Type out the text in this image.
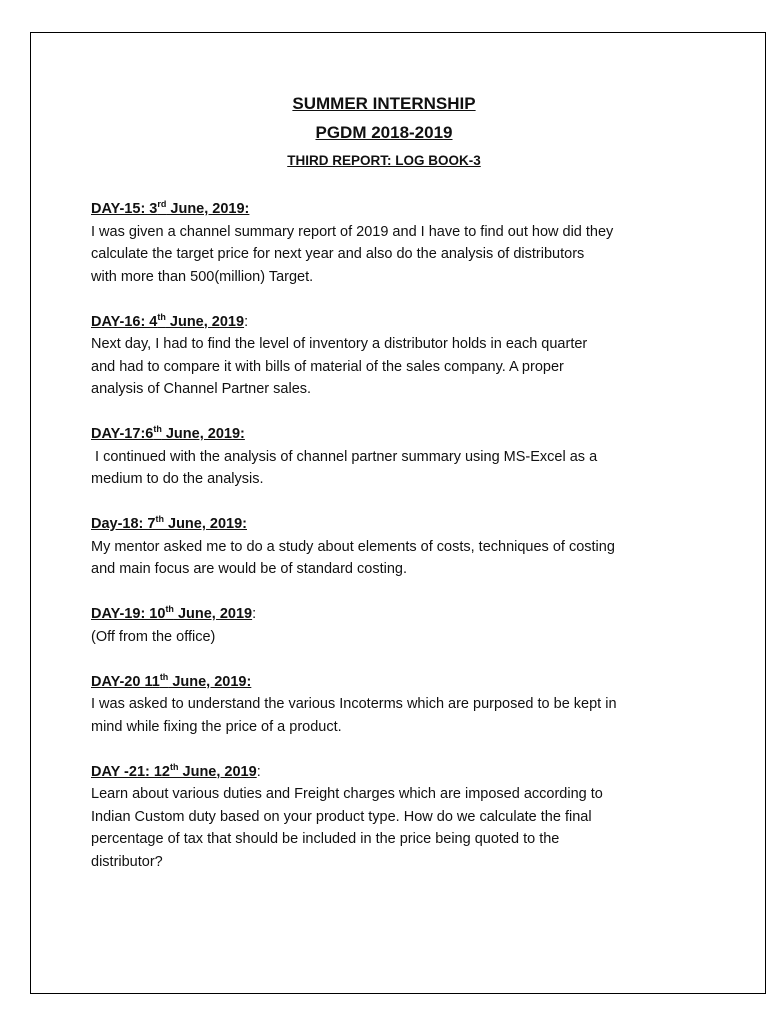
SUMMER INTERNSHIP
PGDM 2018-2019
THIRD REPORT: LOG BOOK-3
DAY-15: 3rd June, 2019:
I was given a channel summary report of 2019 and I have to find out how did they
calculate the target price for next year and also do the analysis of distributors
with more than 500(million) Target.
DAY-16: 4th June, 2019:
Next day, I had to find the level of inventory a distributor holds in each quarter
and had to compare it with bills of material of the sales company. A proper
analysis of Channel Partner sales.
DAY-17:6th June, 2019:
I continued with the analysis of channel partner summary using MS-Excel as a
medium to do the analysis.
Day-18: 7th June, 2019:
My mentor asked me to do a study about elements of costs, techniques of costing
and main focus are would be of standard costing.
DAY-19: 10th June, 2019:
(Off from the office)
DAY-20 11th June, 2019:
I was asked to understand the various Incoterms which are purposed to be kept in
mind while fixing the price of a product.
DAY -21: 12th June, 2019:
Learn about various duties and Freight charges which are imposed according to
Indian Custom duty based on your product type. How do we calculate the final
percentage of tax that should be included in the price being quoted to the
distributor?
